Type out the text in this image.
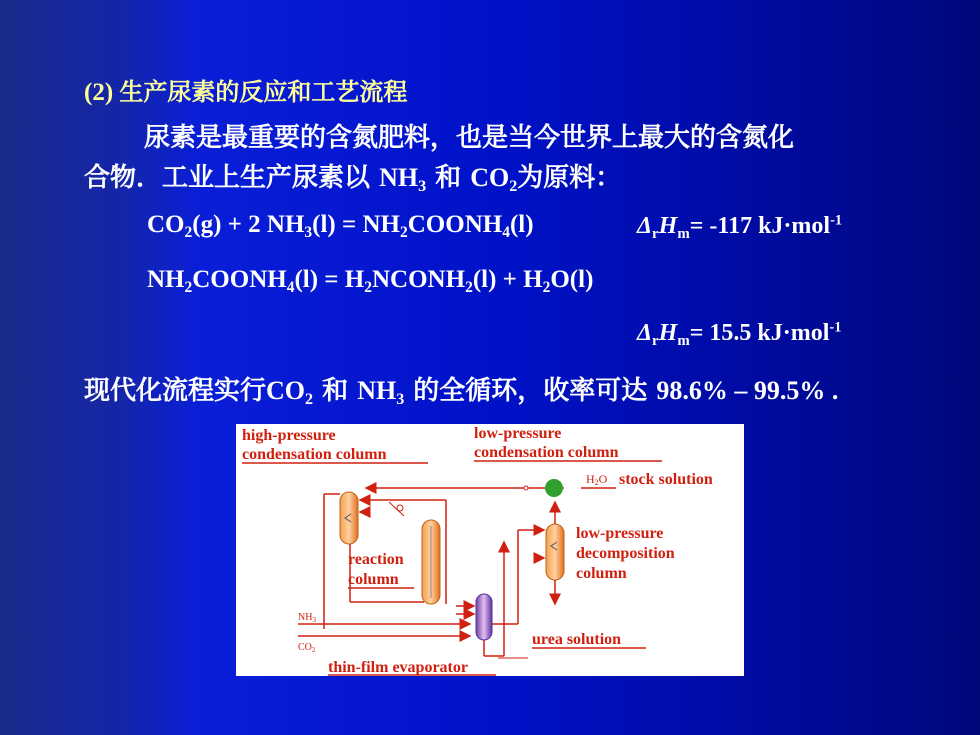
(2) 生产尿素的反应和工艺流程
尿素是最重要的含氮肥料，也是当今世界上最大的含氮化
合物．工业上生产尿素以 $NH_3$ 和 $CO_2$为原料：
$CO_2(g) + 2$ $NH_3(l)$ = $NH_2COONH_4(l)$	$\Delta_rH_m= -117$ kJ·mol$^{-1}$
$NH_2COONH_4(l)$ = $H_2NCONH_2(l) + H_2O(l)$
$\Delta_rH_m= 15.5$ kJ·mol$^{-1}$
现代化流程实行$CO_2$ 和 $NH_3$ 的全循环，收率可达 98.6% – 99.5% .
high-pressure
condensation column
low-pressure
condensation column
H2O stock solution
reaction
column
low-pressure
decomposition
column
$NH_3$
$CO_2$
thin-film evaporator
urea solution
